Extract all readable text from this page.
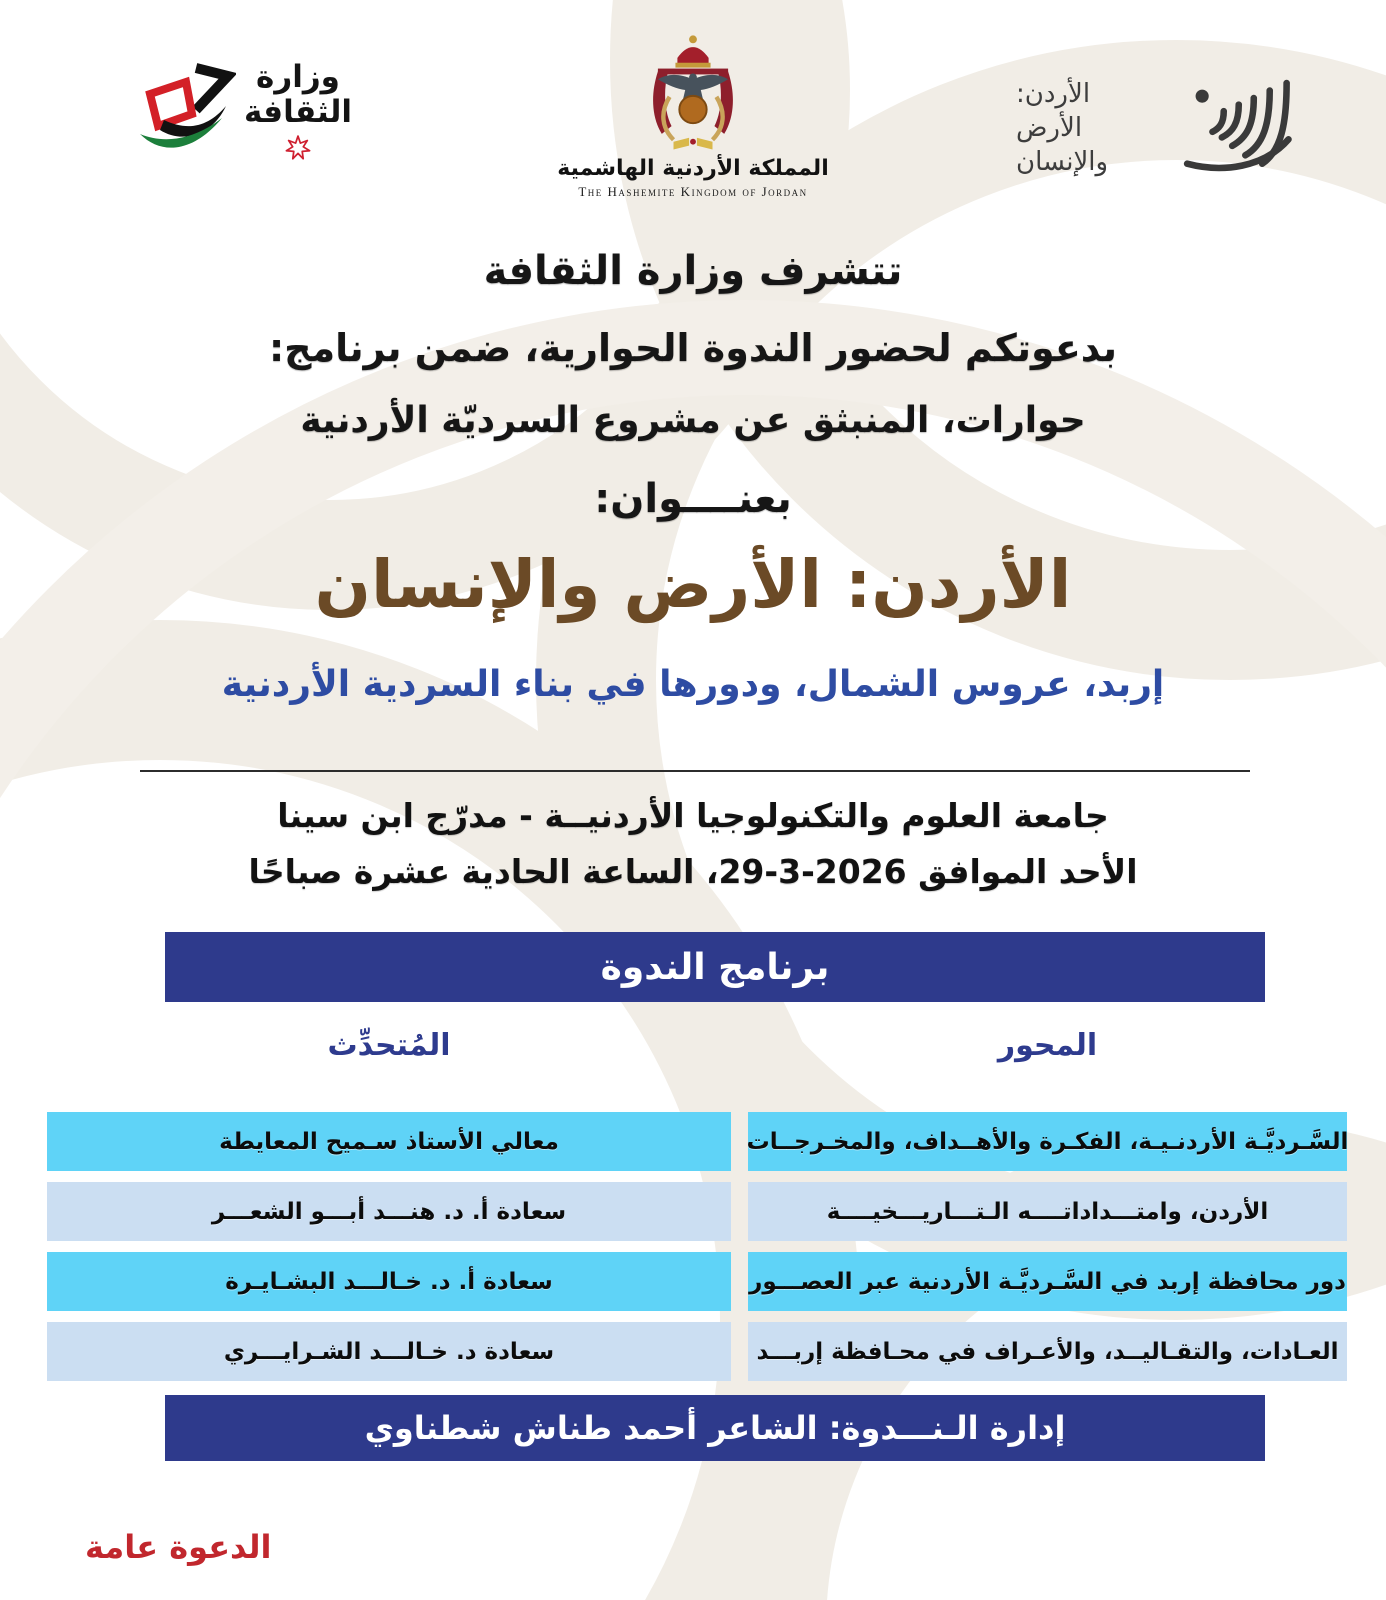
وزارة
الثقافة
المملكة الأردنية الهاشمية
The Hashemite Kingdom of Jordan
الأردن:
الأرض والإنسان
تتشرف وزارة الثقافة
بدعوتكم لحضور الندوة الحوارية، ضمن برنامج:
حوارات، المنبثق عن مشروع السرديّة الأردنية
بعنــــوان:
الأردن: الأرض والإنسان
إربد، عروس الشمال، ودورها في بناء السردية الأردنية
جامعة العلوم والتكنولوجيا الأردنيــة - مدرّج ابن سينا
الأحد الموافق 2026-3-29، الساعة الحادية عشرة صباحًا
برنامج الندوة
المحور
المُتحدِّث
السَّـرديَّـة الأردنـيـة، الفكـرة والأهــداف، والمخـرجــات
معالي الأستاذ سـميح المعايطة
الأردن، وامتـــداداتــــه الـتـــاريـــخيــــة
سعادة أ. د. هنـــد أبـــو الشعـــر
دور محافظة إربد في السَّـرديَّـة الأردنية عبر العصـــور
سعادة أ. د. خـالـــد البشـايـرة
العـادات، والتقـاليــد، والأعـراف في محـافظة إربـــد
سعادة د. خـالـــد الشـرايـــري
إدارة الـنـــدوة: الشاعر أحمد طناش شطناوي
الدعوة عامة
